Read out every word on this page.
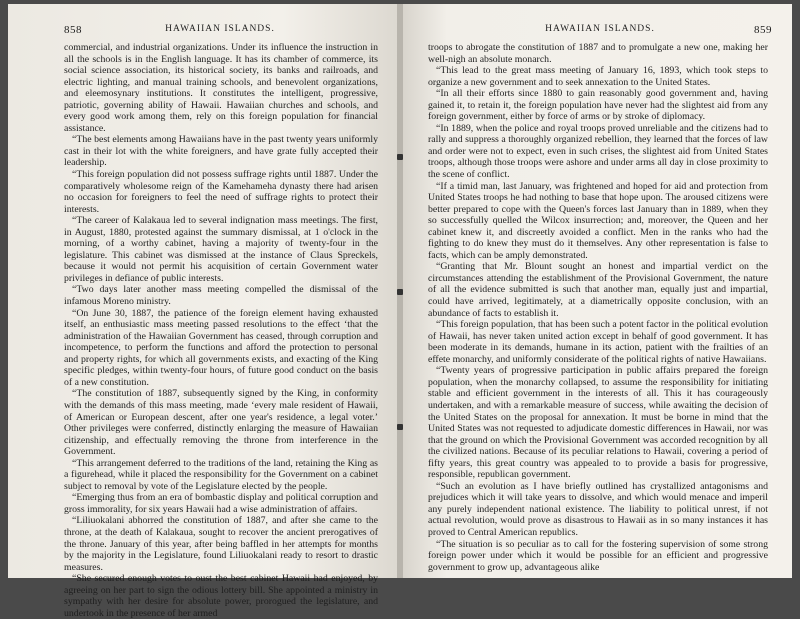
858	HAWAIIAN ISLANDS.

commercial, and industrial organizations. Under its influence the instruction in all the schools is in the English language. It has its chamber of commerce, its social science association, its historical society, its banks and railroads, and electric lighting, and manual training schools, and benevolent organizations, and eleemosynary institutions. It constitutes the intelligent, progressive, patriotic, governing ability of Hawaii. Hawaiian churches and schools, and every good work among them, rely on this foreign population for financial assistance.

“The best elements among Hawaiians have in the past twenty years uniformly cast in their lot with the white foreigners, and have grate fully accepted their leadership.

“This foreign population did not possess suffrage rights until 1887. Under the comparatively wholesome reign of the Kamehameha dynasty there had arisen no occasion for foreigners to feel the need of suffrage rights to protect their interests.

“The career of Kalakaua led to several indignation mass meetings. The first, in August, 1880, protested against the summary dismissal, at 1 o'clock in the morning, of a worthy cabinet, having a majority of twenty-four in the legislature. This cabinet was dismissed at the instance of Claus Spreckels, because it would not permit his acquisition of certain Government water privileges in defiance of public interests.

“Two days later another mass meeting compelled the dismissal of the infamous Moreno ministry.

“On June 30, 1887, the patience of the foreign element having exhausted itself, an enthusiastic mass meeting passed resolutions to the effect ‘that the administration of the Hawaiian Government has ceased, through corruption and incompetence, to perform the functions and afford the protection to personal and property rights, for which all governments exists, and exacting of the King specific pledges, within twenty-four hours, of future good conduct on the basis of a new constitution.

“The constitution of 1887, subsequently signed by the King, in conformity with the demands of this mass meeting, made ‘every male resident of Hawaii, of American or European descent, after one year's residence, a legal voter.’ Other privileges were conferred, distinctly enlarging the measure of Hawaiian citizenship, and effectually removing the throne from interference in the Government.

“This arrangement deferred to the traditions of the land, retaining the King as a figurehead, while it placed the responsibility for the Government on a cabinet subject to removal by vote of the Legislature elected by the people.

“Emerging thus from an era of bombastic display and political corruption and gross immorality, for six years Hawaii had a wise administration of affairs.

“Liliuokalani abhorred the constitution of 1887, and after she came to the throne, at the death of Kalakaua, sought to recover the ancient prerogatives of the throne. January of this year, after being baffled in her attempts for months by the majority in the Legislature, found Liliuokalani ready to resort to drastic measures.

“She secured enough votes to oust the best cabinet Hawaii had enjoyed, by agreeing on her part to sign the odious lottery bill. She appointed a ministry in sympathy with her desire for absolute power, prorogued the legislature, and undertook in the presence of her armed

859
HAWAIIAN ISLANDS.

troops to abrogate the constitution of 1887 and to promulgate a new one, making her well-nigh an absolute monarch.

“This lead to the great mass meeting of January 16, 1893, which took steps to organize a new government and to seek annexation to the United States.

“In all their efforts since 1880 to gain reasonably good government and, having gained it, to retain it, the foreign population have never had the slightest aid from any foreign government, either by force of arms or by stroke of diplomacy.

“In 1889, when the police and royal troops proved unreliable and the citizens had to rally and suppress a thoroughly organized rebellion, they learned that the forces of law and order were not to expect, even in such crises, the slightest aid from United States troops, although those troops were ashore and under arms all day in close proximity to the scene of conflict.

“If a timid man, last January, was frightened and hoped for aid and protection from United States troops he had nothing to base that hope upon. The aroused citizens were better prepared to cope with the Queen's forces last January than in 1889, when they so successfully quelled the Wilcox insurrection; and, moreover, the Queen and her cabinet knew it, and discreetly avoided a conflict. Men in the ranks who had the fighting to do knew they must do it themselves. Any other representation is false to facts, which can be amply demonstrated.

“Granting that Mr. Blount sought an honest and impartial verdict on the circumstances attending the establishment of the Provisional Government, the nature of all the evidence submitted is such that another man, equally just and impartial, could have arrived, legitimately, at a diametrically opposite conclusion, with an abundance of facts to establish it.

“This foreign population, that has been such a potent factor in the political evolution of Hawaii, has never taken united action except in behalf of good government. It has been moderate in its demands, humane in its action, patient with the frailties of an effete monarchy, and uniformly considerate of the political rights of native Hawaiians.

“Twenty years of progressive participation in public affairs prepared the foreign population, when the monarchy collapsed, to assume the responsibility for initiating stable and efficient government in the interests of all. This it has courageously undertaken, and with a remarkable measure of success, while awaiting the decision of the United States on the proposal for annexation. It must be borne in mind that the United States was not requested to adjudicate domestic differences in Hawaii, nor was that the ground on which the Provisional Government was accorded recognition by all the civilized nations. Because of its peculiar relations to Hawaii, covering a period of fifty years, this great country was appealed to to provide a basis for progressive, responsible, republican government.

“Such an evolution as I have briefly outlined has crystallized antagonisms and prejudices which it will take years to dissolve, and which would menace and imperil any purely independent national existence. The liability to political unrest, if not actual revolution, would prove as disastrous to Hawaii as in so many instances it has proved to Central American republics.

“The situation is so peculiar as to call for the fostering supervision of some strong foreign power under which it would be possible for an efficient and progressive government to grow up, advantageous alike
